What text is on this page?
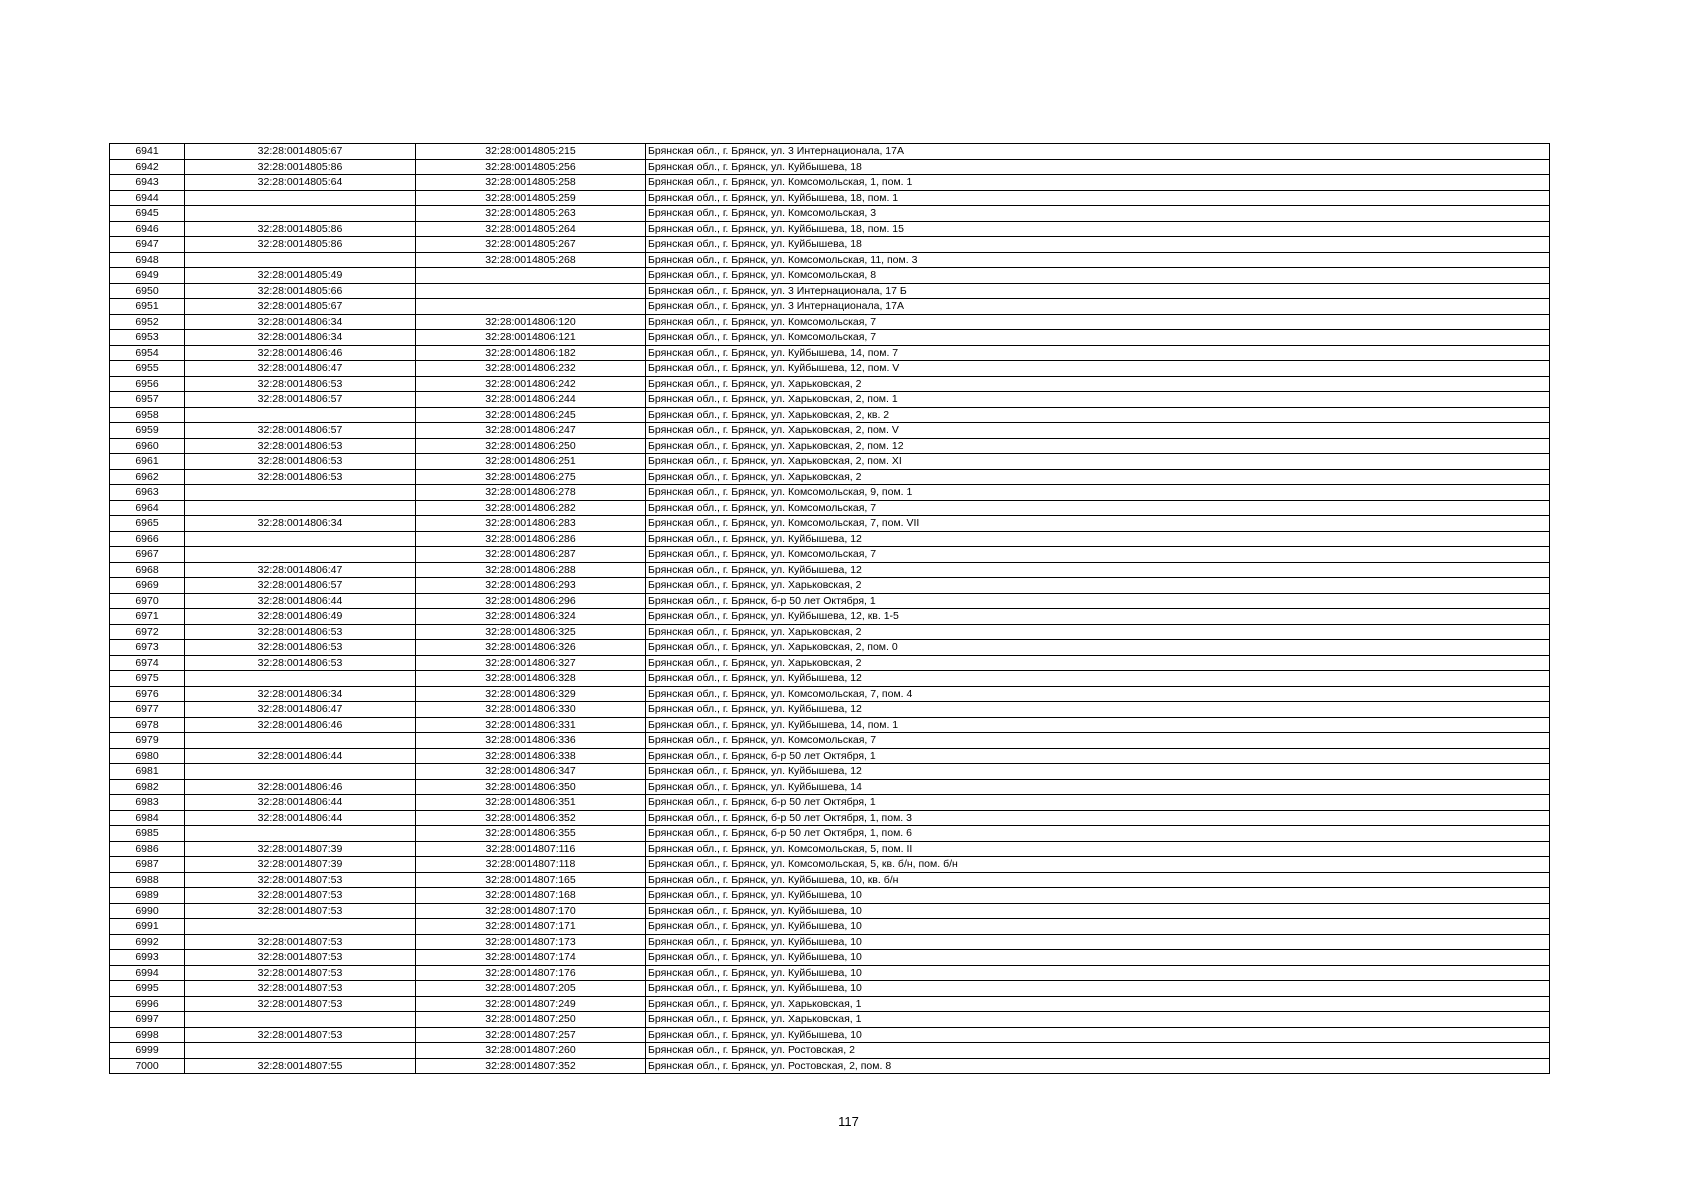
6941	32:28:0014805:67	32:28:0014805:215	Брянская обл., г. Брянск, ул. 3 Интернационала, 17А
6942	32:28:0014805:86	32:28:0014805:256	Брянская обл., г. Брянск, ул. Куйбышева, 18
6943	32:28:0014805:64	32:28:0014805:258	Брянская обл., г. Брянск, ул. Комсомольская, 1, пом. 1
6944		32:28:0014805:259	Брянская обл., г. Брянск, ул. Куйбышева, 18, пом. 1
6945		32:28:0014805:263	Брянская обл., г. Брянск, ул. Комсомольская, 3
6946	32:28:0014805:86	32:28:0014805:264	Брянская обл., г. Брянск, ул. Куйбышева, 18, пом. 15
6947	32:28:0014805:86	32:28:0014805:267	Брянская обл., г. Брянск, ул. Куйбышева, 18
6948		32:28:0014805:268	Брянская обл., г. Брянск, ул. Комсомольская, 11, пом. 3
6949	32:28:0014805:49		Брянская обл., г. Брянск, ул. Комсомольская, 8
6950	32:28:0014805:66		Брянская обл., г. Брянск, ул. 3 Интернационала, 17 Б
6951	32:28:0014805:67		Брянская обл., г. Брянск, ул. 3 Интернационала, 17А
6952	32:28:0014806:34	32:28:0014806:120	Брянская обл., г. Брянск, ул. Комсомольская, 7
6953	32:28:0014806:34	32:28:0014806:121	Брянская обл., г. Брянск, ул. Комсомольская, 7
6954	32:28:0014806:46	32:28:0014806:182	Брянская обл., г. Брянск, ул. Куйбышева, 14, пом. 7
6955	32:28:0014806:47	32:28:0014806:232	Брянская обл., г. Брянск, ул. Куйбышева, 12, пом. V
6956	32:28:0014806:53	32:28:0014806:242	Брянская обл., г. Брянск, ул. Харьковская, 2
6957	32:28:0014806:57	32:28:0014806:244	Брянская обл., г. Брянск, ул. Харьковская, 2, пом. 1
6958		32:28:0014806:245	Брянская обл., г. Брянск, ул. Харьковская, 2, кв. 2
6959	32:28:0014806:57	32:28:0014806:247	Брянская обл., г. Брянск, ул. Харьковская, 2, пом. V
6960	32:28:0014806:53	32:28:0014806:250	Брянская обл., г. Брянск, ул. Харьковская, 2, пом. 12
6961	32:28:0014806:53	32:28:0014806:251	Брянская обл., г. Брянск, ул. Харьковская, 2, пом. XI
6962	32:28:0014806:53	32:28:0014806:275	Брянская обл., г. Брянск, ул. Харьковская, 2
6963		32:28:0014806:278	Брянская обл., г. Брянск, ул. Комсомольская, 9, пом. 1
6964		32:28:0014806:282	Брянская обл., г. Брянск, ул. Комсомольская, 7
6965	32:28:0014806:34	32:28:0014806:283	Брянская обл., г. Брянск, ул. Комсомольская, 7, пом. VII
6966		32:28:0014806:286	Брянская обл., г. Брянск, ул. Куйбышева, 12
6967		32:28:0014806:287	Брянская обл., г. Брянск, ул. Комсомольская, 7
6968	32:28:0014806:47	32:28:0014806:288	Брянская обл., г. Брянск, ул. Куйбышева, 12
6969	32:28:0014806:57	32:28:0014806:293	Брянская обл., г. Брянск, ул. Харьковская, 2
6970	32:28:0014806:44	32:28:0014806:296	Брянская обл., г. Брянск, б-р 50 лет Октября, 1
6971	32:28:0014806:49	32:28:0014806:324	Брянская обл., г. Брянск, ул. Куйбышева, 12, кв. 1-5
6972	32:28:0014806:53	32:28:0014806:325	Брянская обл., г. Брянск, ул. Харьковская, 2
6973	32:28:0014806:53	32:28:0014806:326	Брянская обл., г. Брянск, ул. Харьковская, 2, пом. 0
6974	32:28:0014806:53	32:28:0014806:327	Брянская обл., г. Брянск, ул. Харьковская, 2
6975		32:28:0014806:328	Брянская обл., г. Брянск, ул. Куйбышева, 12
6976	32:28:0014806:34	32:28:0014806:329	Брянская обл., г. Брянск, ул. Комсомольская, 7, пом. 4
6977	32:28:0014806:47	32:28:0014806:330	Брянская обл., г. Брянск, ул. Куйбышева, 12
6978	32:28:0014806:46	32:28:0014806:331	Брянская обл., г. Брянск, ул. Куйбышева, 14, пом. 1
6979		32:28:0014806:336	Брянская обл., г. Брянск, ул. Комсомольская, 7
6980	32:28:0014806:44	32:28:0014806:338	Брянская обл., г. Брянск, б-р 50 лет Октября, 1
6981		32:28:0014806:347	Брянская обл., г. Брянск, ул. Куйбышева, 12
6982	32:28:0014806:46	32:28:0014806:350	Брянская обл., г. Брянск, ул. Куйбышева, 14
6983	32:28:0014806:44	32:28:0014806:351	Брянская обл., г. Брянск, б-р 50 лет Октября, 1
6984	32:28:0014806:44	32:28:0014806:352	Брянская обл., г. Брянск, б-р 50 лет Октября, 1, пом. 3
6985		32:28:0014806:355	Брянская обл., г. Брянск, б-р 50 лет Октября, 1, пом. 6
6986	32:28:0014807:39	32:28:0014807:116	Брянская обл., г. Брянск, ул. Комсомольская, 5, пом. II
6987	32:28:0014807:39	32:28:0014807:118	Брянская обл., г. Брянск, ул. Комсомольская, 5, кв. б/н, пом. б/н
6988	32:28:0014807:53	32:28:0014807:165	Брянская обл., г. Брянск, ул. Куйбышева, 10, кв. б/н
6989	32:28:0014807:53	32:28:0014807:168	Брянская обл., г. Брянск, ул. Куйбышева, 10
6990	32:28:0014807:53	32:28:0014807:170	Брянская обл., г. Брянск, ул. Куйбышева, 10
6991		32:28:0014807:171	Брянская обл., г. Брянск, ул. Куйбышева, 10
6992	32:28:0014807:53	32:28:0014807:173	Брянская обл., г. Брянск, ул. Куйбышева, 10
6993	32:28:0014807:53	32:28:0014807:174	Брянская обл., г. Брянск, ул. Куйбышева, 10
6994	32:28:0014807:53	32:28:0014807:176	Брянская обл., г. Брянск, ул. Куйбышева, 10
6995	32:28:0014807:53	32:28:0014807:205	Брянская обл., г. Брянск, ул. Куйбышева, 10
6996	32:28:0014807:53	32:28:0014807:249	Брянская обл., г. Брянск, ул. Харьковская, 1
6997		32:28:0014807:250	Брянская обл., г. Брянск, ул. Харьковская, 1
6998	32:28:0014807:53	32:28:0014807:257	Брянская обл., г. Брянск, ул. Куйбышева, 10
6999		32:28:0014807:260	Брянская обл., г. Брянск, ул. Ростовская, 2
7000	32:28:0014807:55	32:28:0014807:352	Брянская обл., г. Брянск, ул. Ростовская, 2, пом. 8
117
